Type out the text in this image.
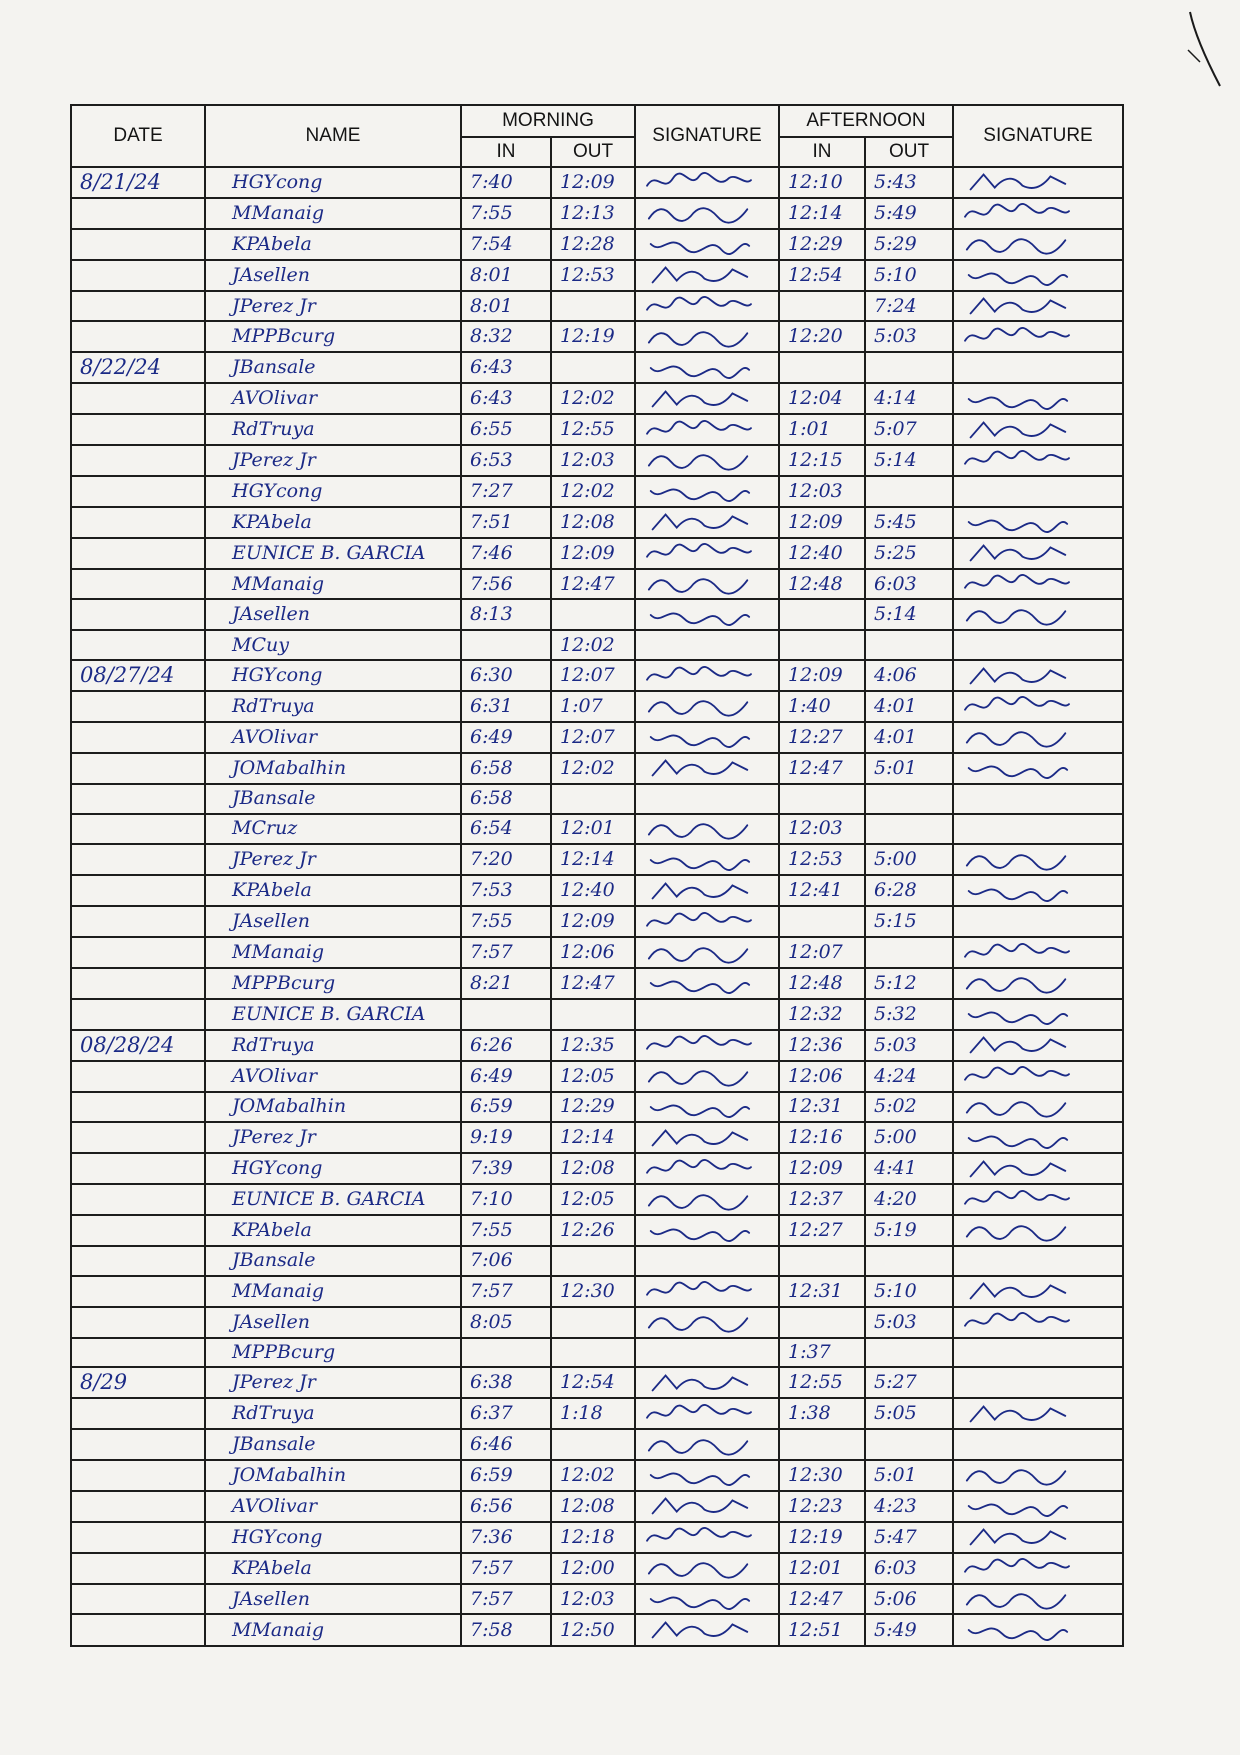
DATE	NAME	MORNING		SIGNATURE	AFTERNOON		SIGNATURE
		IN	OUT		IN	OUT	
8/21/24	HGYcong	7:40	12:09		12:10	5:43	

	MManaig	7:55	12:13		12:14	5:49	

	KPAbela	7:54	12:28		12:29	5:29	

	JAsellen	8:01	12:53		12:54	5:10	

	JPerez Jr	8:01				7:24	

	MPPBcurg	8:32	12:19		12:20	5:03	

8/22/24	JBansale	6:43		

	AVOlivar	6:43	12:02		12:04	4:14	

	RdTruya	6:55	12:55		1:01	5:07	

	JPerez Jr	6:53	12:03		12:15	5:14	

	HGYcong	7:27	12:02		12:03		
	KPAbela	7:51	12:08		12:09	5:45	

	EUNICE B. GARCIA	7:46	12:09		12:40	5:25	

	MManaig	7:56	12:47		12:48	6:03	

	JAsellen	8:13				5:14	

	MCuy		12:02				
08/27/24	HGYcong	6:30	12:07		12:09	4:06	

	RdTruya	6:31	1:07		1:40	4:01	

	AVOlivar	6:49	12:07		12:27	4:01	

	JOMabalhin	6:58	12:02		12:47	5:01	

	JBansale	6:58					
	MCruz	6:54	12:01		12:03		
	JPerez Jr	7:20	12:14		12:53	5:00	

	KPAbela	7:53	12:40		12:41	6:28	

	JAsellen	7:55	12:09			5:15	
	MManaig	7:57	12:06		12:07		

	MPPBcurg	8:21	12:47		12:48	5:12	

	EUNICE B. GARCIA				12:32	5:32	

08/28/24	RdTruya	6:26	12:35		12:36	5:03	

	AVOlivar	6:49	12:05		12:06	4:24	

	JOMabalhin	6:59	12:29		12:31	5:02	

	JPerez Jr	9:19	12:14		12:16	5:00	

	HGYcong	7:39	12:08		12:09	4:41	

	EUNICE B. GARCIA	7:10	12:05		12:37	4:20	

	KPAbela	7:55	12:26		12:27	5:19	

	JBansale	7:06					
	MManaig	7:57	12:30		12:31	5:10	

	JAsellen	8:05				5:03	

	MPPBcurg				1:37		
8/29	JPerez Jr	6:38	12:54		12:55	5:27	
	RdTruya	6:37	1:18		1:38	5:05	

	JBansale	6:46		

	JOMabalhin	6:59	12:02		12:30	5:01	

	AVOlivar	6:56	12:08		12:23	4:23	

	HGYcong	7:36	12:18		12:19	5:47	

	KPAbela	7:57	12:00		12:01	6:03	

	JAsellen	7:57	12:03		12:47	5:06	

	MManaig	7:58	12:50		12:51	5:49	
